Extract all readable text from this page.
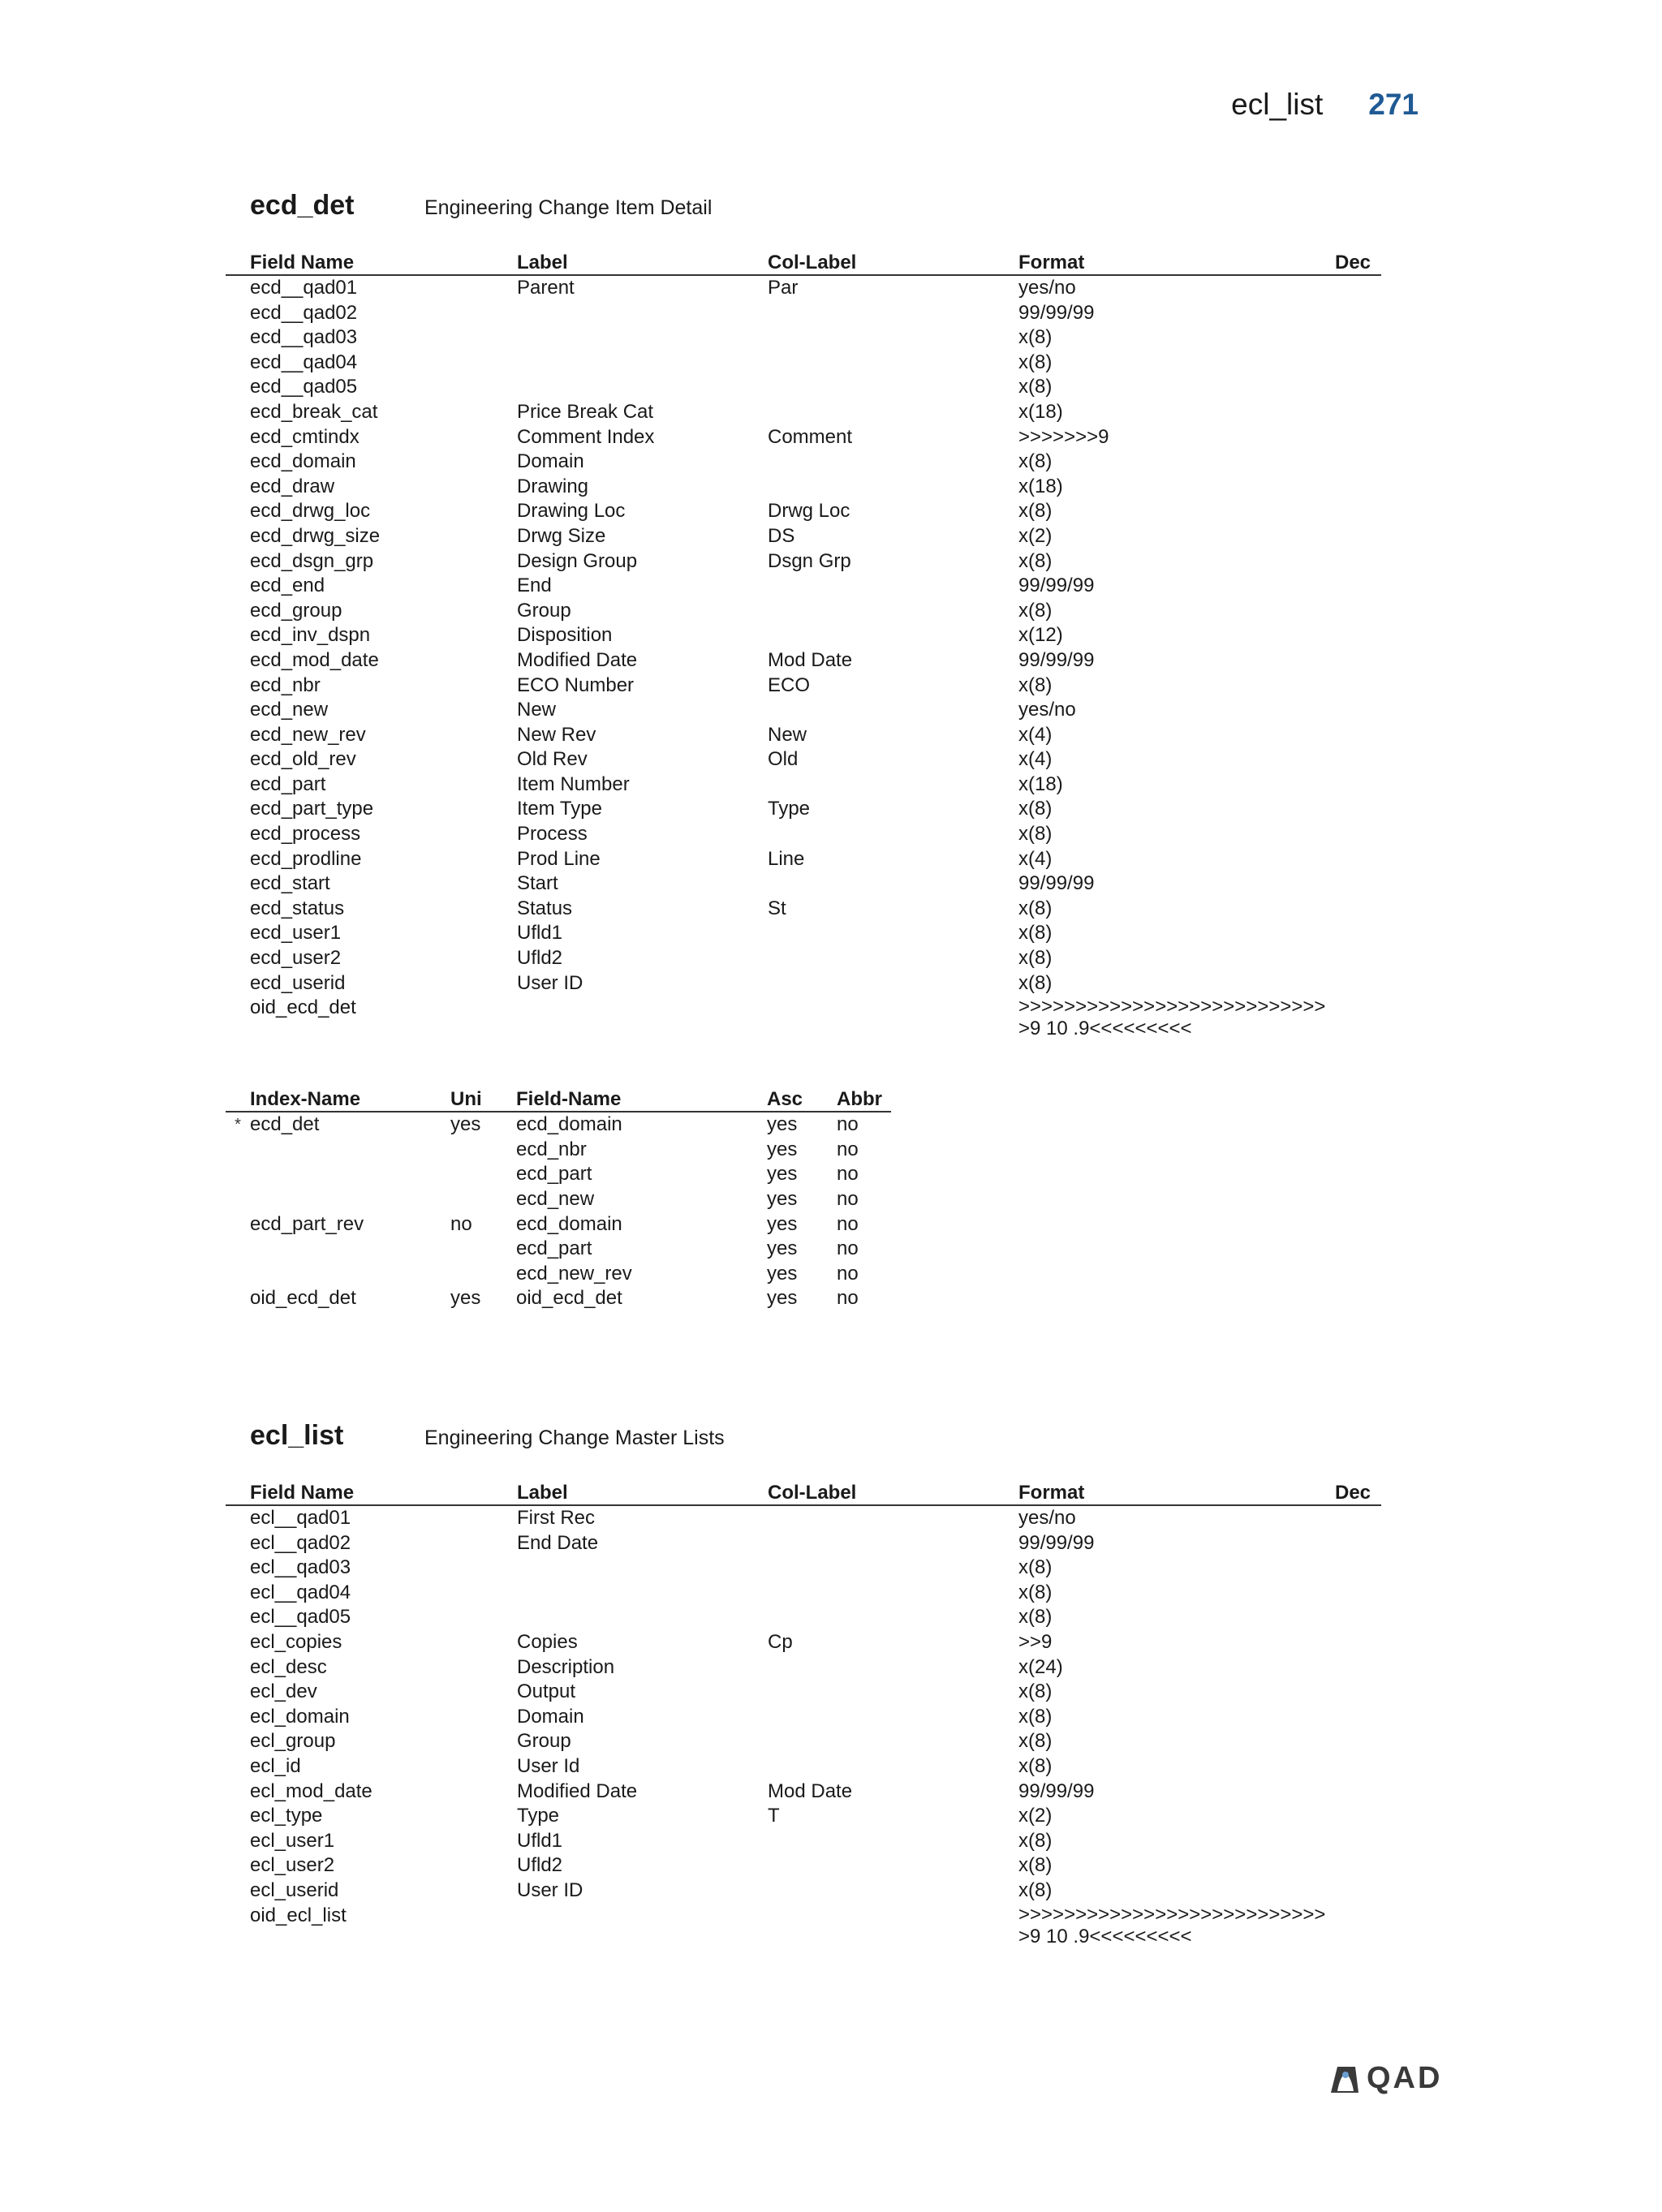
ecl_list 271
ecd_det	Engineering Change Item Detail
	Field Name	Label	Col-Label	Format	Dec
	ecd__qad01	Parent	Par	yes/no	
	ecd__qad02			99/99/99	
	ecd__qad03			x(8)	
	ecd__qad04			x(8)	
	ecd__qad05			x(8)	
	ecd_break_cat	Price Break Cat		x(18)	
	ecd_cmtindx	Comment Index	Comment	>>>>>>>9	
	ecd_domain	Domain		x(8)	
	ecd_draw	Drawing		x(18)	
	ecd_drwg_loc	Drawing Loc	Drwg Loc	x(8)	
	ecd_drwg_size	Drwg Size	DS	x(2)	
	ecd_dsgn_grp	Design Group	Dsgn Grp	x(8)	
	ecd_end	End		99/99/99	
	ecd_group	Group		x(8)	
	ecd_inv_dspn	Disposition		x(12)	
	ecd_mod_date	Modified Date	Mod Date	99/99/99	
	ecd_nbr	ECO Number	ECO	x(8)	
	ecd_new	New		yes/no	
	ecd_new_rev	New Rev	New	x(4)	
	ecd_old_rev	Old Rev	Old	x(4)	
	ecd_part	Item Number		x(18)	
	ecd_part_type	Item Type	Type	x(8)	
	ecd_process	Process		x(8)	
	ecd_prodline	Prod Line	Line	x(4)	
	ecd_start	Start		99/99/99	
	ecd_status	Status	St	x(8)	
	ecd_user1	Ufld1		x(8)	
	ecd_user2	Ufld2		x(8)	
	ecd_userid	User ID		x(8)	
	oid_ecd_det			>>>>>>>>>>>>>>>>>>>>>>>>>>>>9 10 .9<<<<<<<<<	
	Index-Name	Uni	Field-Name	Asc	Abbr
*	ecd_det	yes	ecd_domain	yes	no
			ecd_nbr	yes	no
			ecd_part	yes	no
			ecd_new	yes	no
	ecd_part_rev	no	ecd_domain	yes	no
			ecd_part	yes	no
			ecd_new_rev	yes	no
	oid_ecd_det	yes	oid_ecd_det	yes	no
ecl_list	Engineering Change Master Lists
	Field Name	Label	Col-Label	Format	Dec
	ecl__qad01	First Rec		yes/no	
	ecl__qad02	End Date		99/99/99	
	ecl__qad03			x(8)	
	ecl__qad04			x(8)	
	ecl__qad05			x(8)	
	ecl_copies	Copies	Cp	>>9	
	ecl_desc	Description		x(24)	
	ecl_dev	Output		x(8)	
	ecl_domain	Domain		x(8)	
	ecl_group	Group		x(8)	
	ecl_id	User Id		x(8)	
	ecl_mod_date	Modified Date	Mod Date	99/99/99	
	ecl_type	Type	T	x(2)	
	ecl_user1	Ufld1		x(8)	
	ecl_user2	Ufld2		x(8)	
	ecl_userid	User ID		x(8)	
	oid_ecl_list			>>>>>>>>>>>>>>>>>>>>>>>>>>>>9 10 .9<<<<<<<<<	
QAD
